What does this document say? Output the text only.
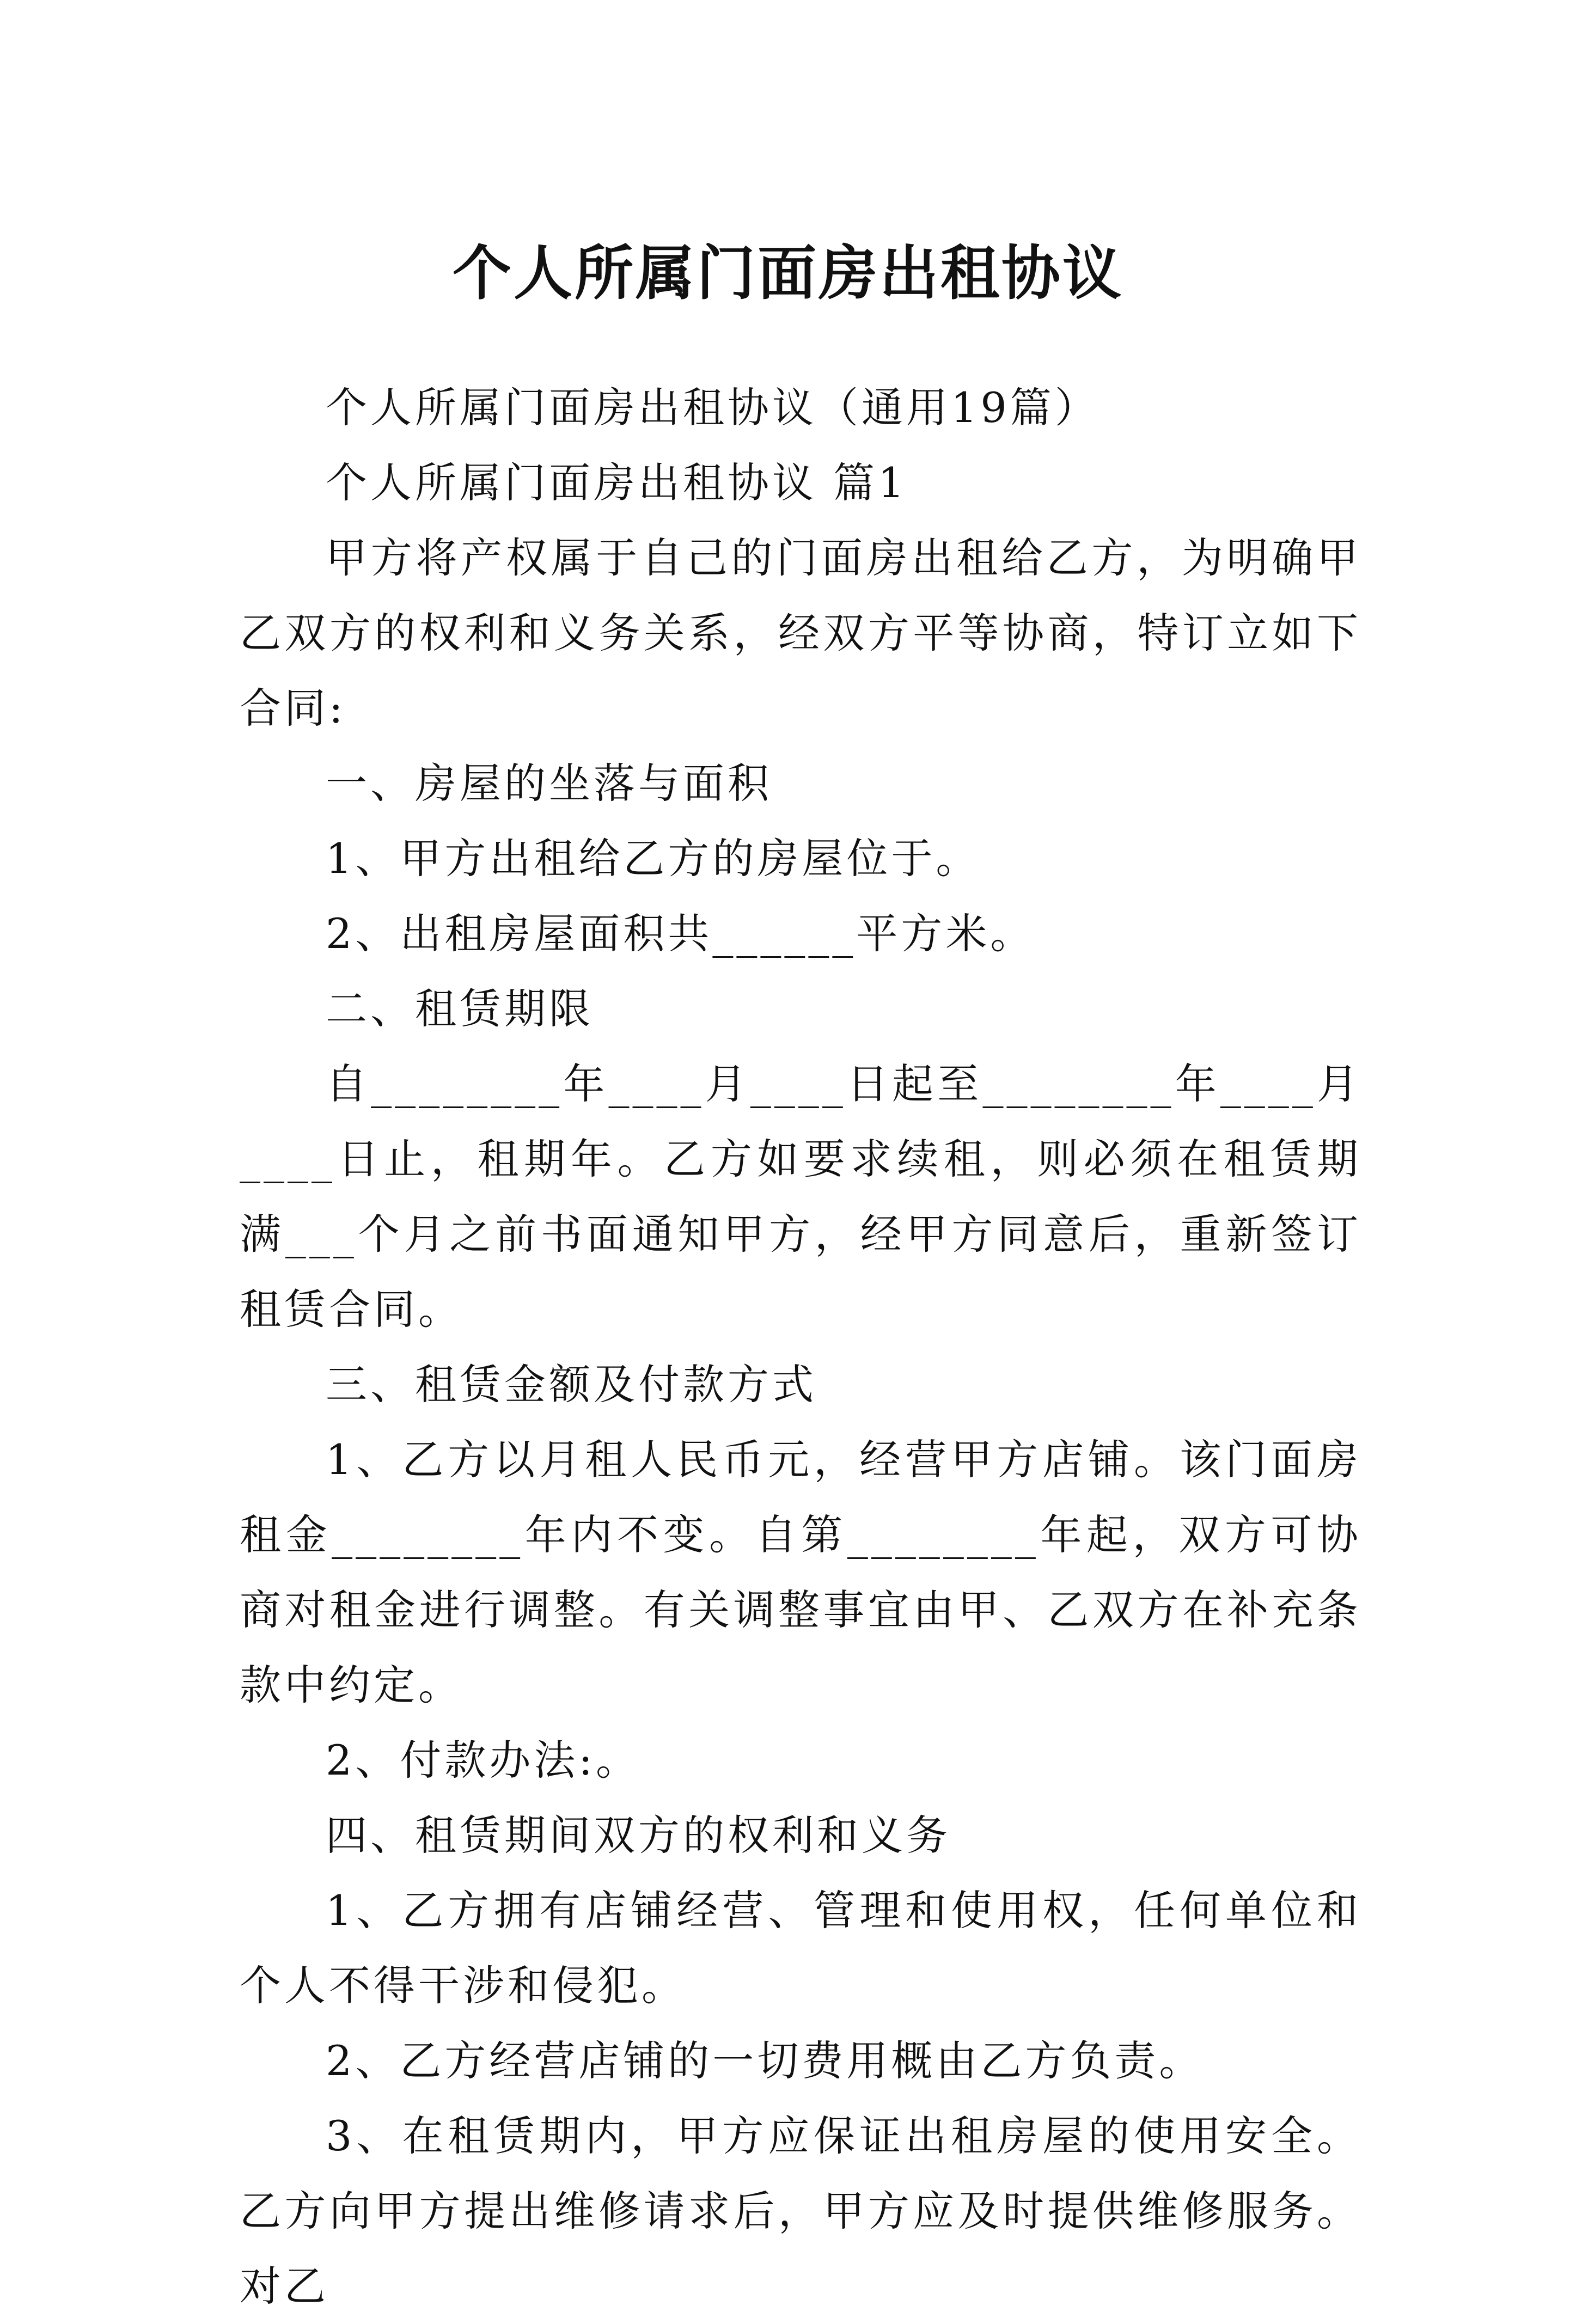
个人所属门面房出租协议

个人所属门面房出租协议（通用19篇）

个人所属门面房出租协议 篇1

甲方将产权属于自己的门面房出租给乙方，为明确甲乙双方的权利和义务关系，经双方平等协商，特订立如下合同:

一、房屋的坐落与面积

1、甲方出租给乙方的房屋位于。

2、出租房屋面积共______平方米。

二、租赁期限

自________年____月____日起至________年____月____日止，租期年。乙方如要求续租，则必须在租赁期满___个月之前书面通知甲方，经甲方同意后，重新签订租赁合同。

三、租赁金额及付款方式

1、乙方以月租人民币元，经营甲方店铺。该门面房租金________年内不变。自第________年起，双方可协商对租金进行调整。有关调整事宜由甲、乙双方在补充条款中约定。

2、付款办法:。

四、租赁期间双方的权利和义务

1、乙方拥有店铺经营、管理和使用权，任何单位和个人不得干涉和侵犯。

2、乙方经营店铺的一切费用概由乙方负责。

3、在租赁期内，甲方应保证出租房屋的使用安全。乙方向甲方提出维修请求后，甲方应及时提供维修服务。对乙
